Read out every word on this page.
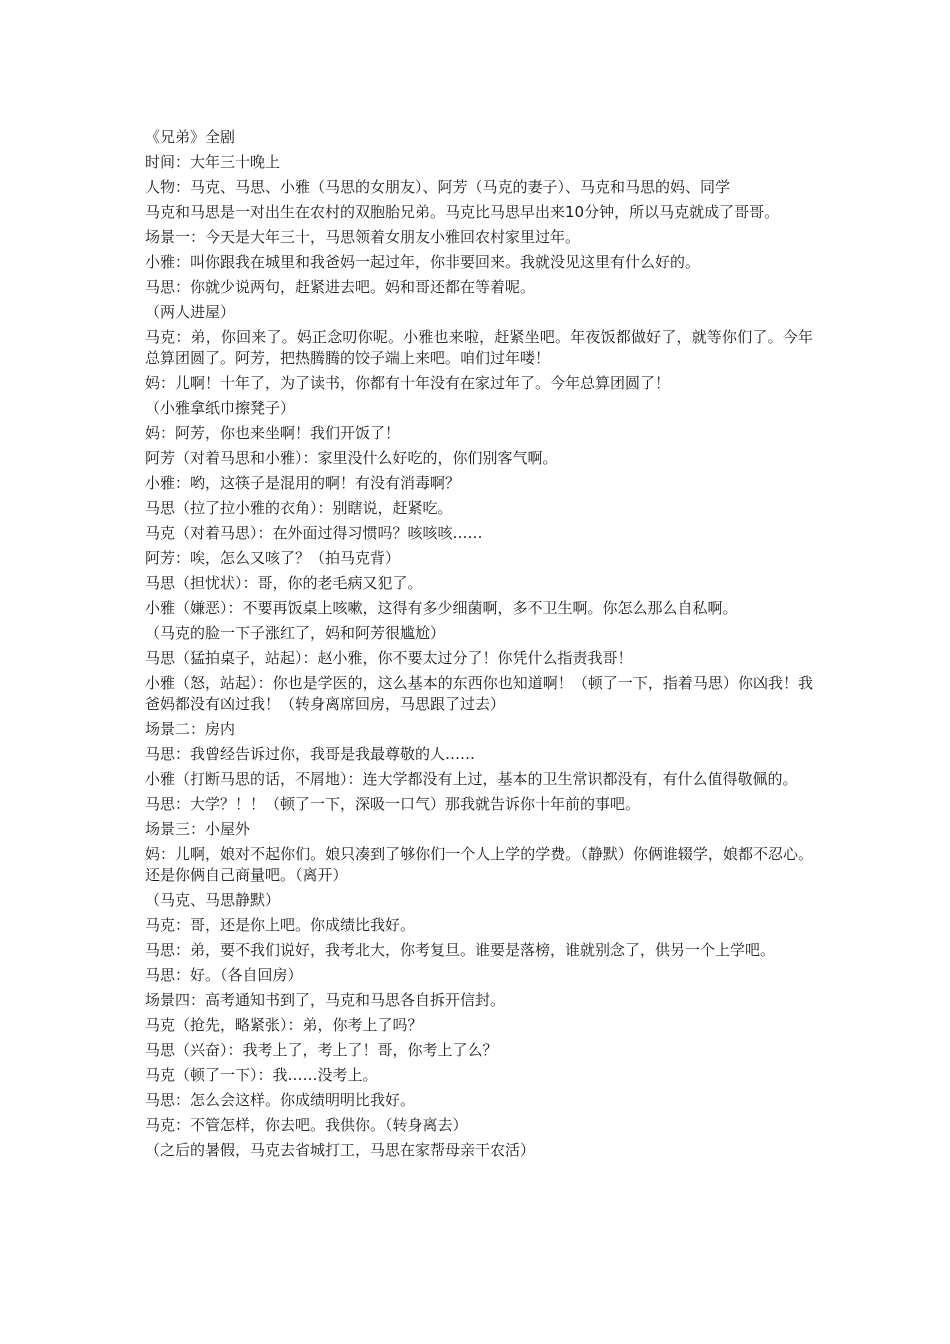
《兄弟》全剧

时间：大年三十晚上

人物：马克、马思、小雅（马思的女朋友）、阿芳（马克的妻子）、马克和马思的妈、同学

马克和马思是一对出生在农村的双胞胎兄弟。马克比马思早出来10分钟，所以马克就成了哥哥。

场景一：今天是大年三十，马思领着女朋友小雅回农村家里过年。

小雅：叫你跟我在城里和我爸妈一起过年，你非要回来。我就没见这里有什么好的。

马思：你就少说两句，赶紧进去吧。妈和哥还都在等着呢。

（两人进屋）

马克：弟，你回来了。妈正念叨你呢。小雅也来啦，赶紧坐吧。年夜饭都做好了，就等你们了。今年总算团圆了。阿芳，把热腾腾的饺子端上来吧。咱们过年喽！

妈：儿啊！十年了，为了读书，你都有十年没有在家过年了。今年总算团圆了！

（小雅拿纸巾擦凳子）

妈：阿芳，你也来坐啊！我们开饭了！

阿芳（对着马思和小雅）：家里没什么好吃的，你们别客气啊。

小雅：哟，这筷子是混用的啊！有没有消毒啊？

马思（拉了拉小雅的衣角）：别瞎说，赶紧吃。

马克（对着马思）：在外面过得习惯吗？咳咳咳……

阿芳：唉，怎么又咳了？（拍马克背）

马思（担忧状）：哥，你的老毛病又犯了。

小雅（嫌恶）：不要再饭桌上咳嗽，这得有多少细菌啊，多不卫生啊。你怎么那么自私啊。

（马克的脸一下子涨红了，妈和阿芳很尴尬）

马思（猛拍桌子，站起）：赵小雅，你不要太过分了！你凭什么指责我哥！

小雅（怒，站起）：你也是学医的，这么基本的东西你也知道啊！（顿了一下，指着马思）你凶我！我爸妈都没有凶过我！（转身离席回房，马思跟了过去）

场景二：房内

马思：我曾经告诉过你，我哥是我最尊敬的人……

小雅（打断马思的话，不屑地）：连大学都没有上过，基本的卫生常识都没有，有什么值得敬佩的。

马思：大学？！！（顿了一下，深吸一口气）那我就告诉你十年前的事吧。

场景三：小屋外

妈：儿啊，娘对不起你们。娘只凑到了够你们一个人上学的学费。（静默）你俩谁辍学，娘都不忍心。还是你俩自己商量吧。（离开）

（马克、马思静默）

马克：哥，还是你上吧。你成绩比我好。

马思：弟，要不我们说好，我考北大，你考复旦。谁要是落榜，谁就别念了，供另一个上学吧。

马思：好。（各自回房）

场景四：高考通知书到了，马克和马思各自拆开信封。

马克（抢先，略紧张）：弟，你考上了吗？

马思（兴奋）：我考上了，考上了！哥，你考上了么？

马克（顿了一下）：我……没考上。

马思：怎么会这样。你成绩明明比我好。

马克：不管怎样，你去吧。我供你。（转身离去）

（之后的暑假，马克去省城打工，马思在家帮母亲干农活）
